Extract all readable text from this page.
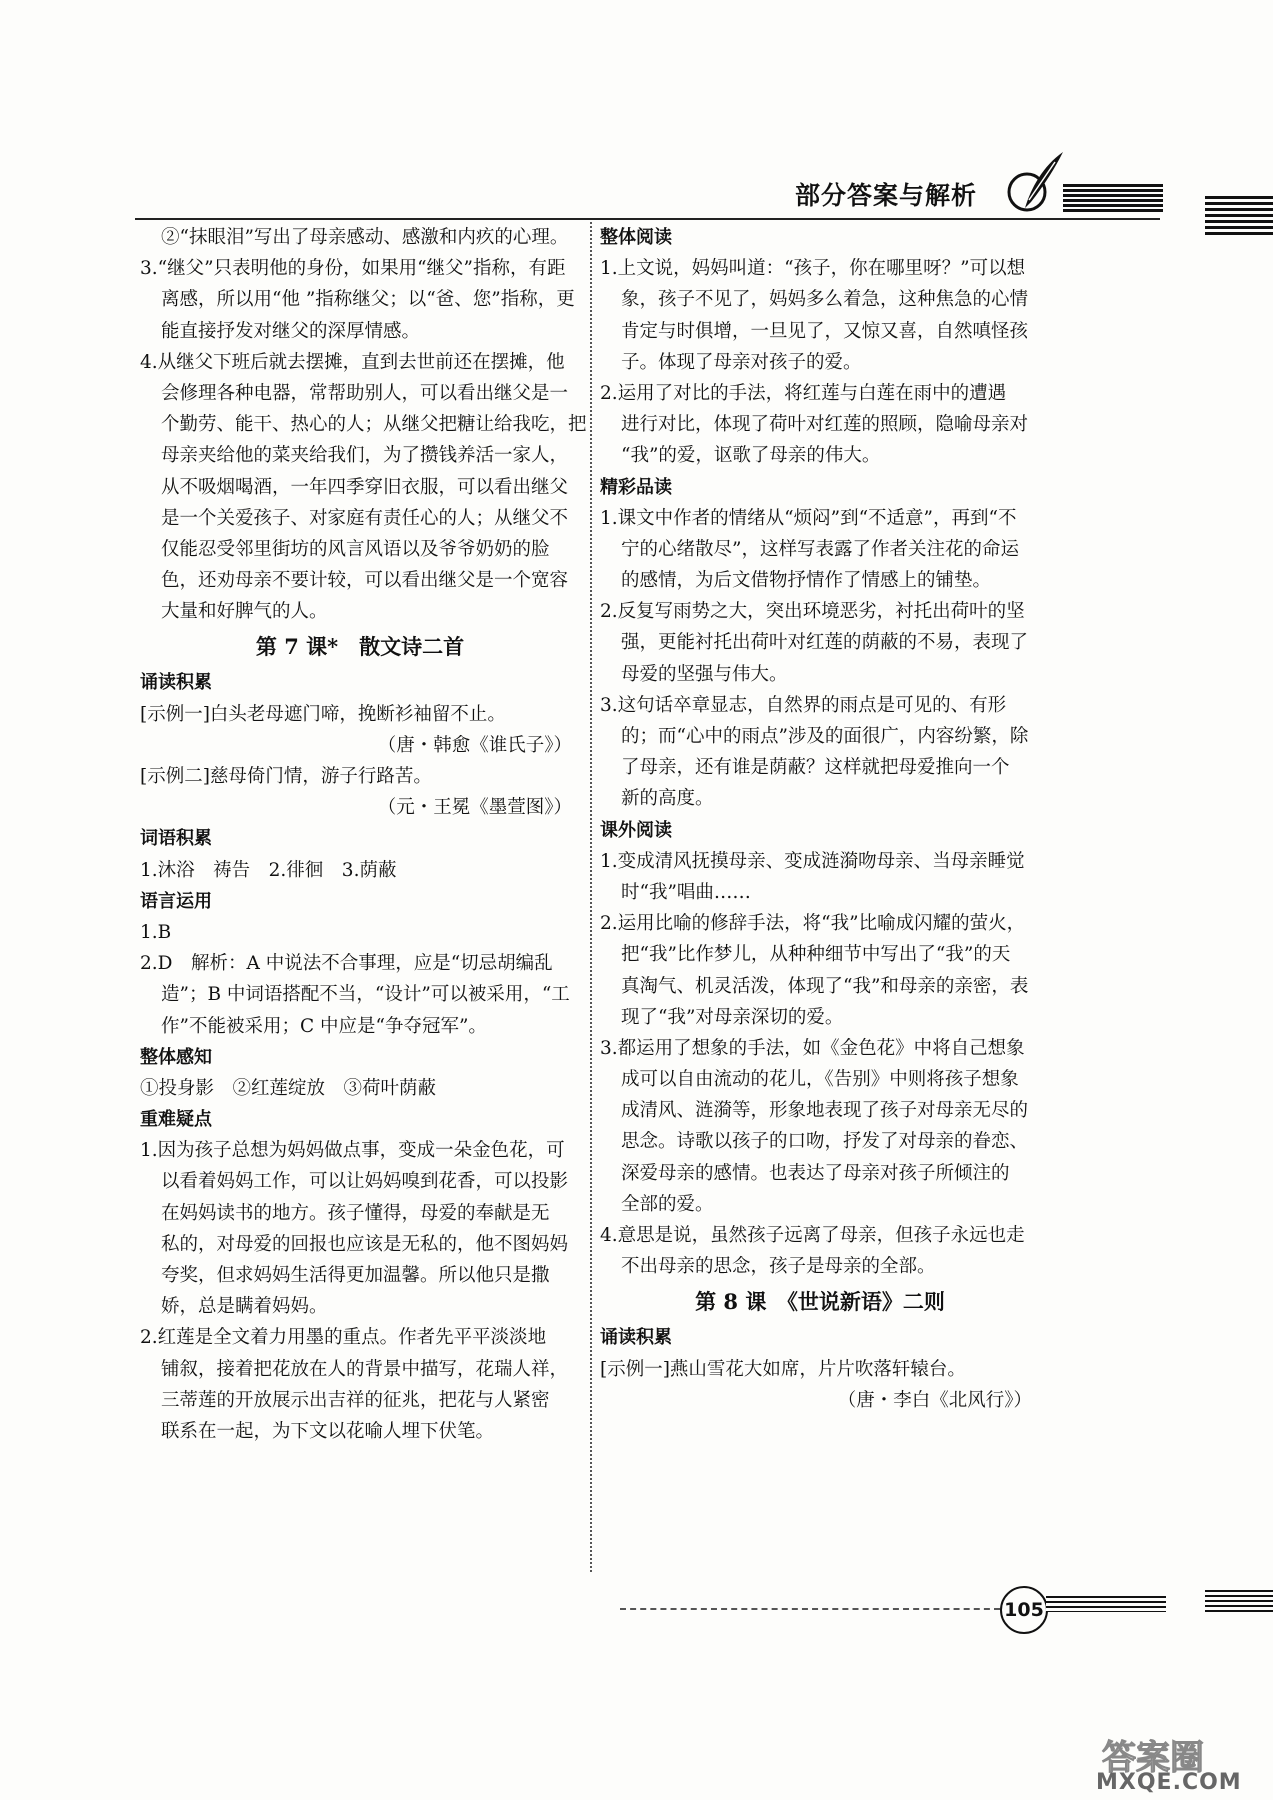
部分答案与解析
②“抹眼泪”写出了母亲感动、感激和内疚的心理。
3.“继父”只表明他的身份，如果用“继父”指称，有距
离感，所以用“他 ”指称继父；以“爸、您”指称，更
能直接抒发对继父的深厚情感。
4.从继父下班后就去摆摊，直到去世前还在摆摊，他
会修理各种电器，常帮助别人，可以看出继父是一
个勤劳、能干、热心的人；从继父把糖让给我吃，把
母亲夹给他的菜夹给我们，为了攒钱养活一家人，
从不吸烟喝酒，一年四季穿旧衣服，可以看出继父
是一个关爱孩子、对家庭有责任心的人；从继父不
仅能忍受邻里街坊的风言风语以及爷爷奶奶的脸
色，还劝母亲不要计较，可以看出继父是一个宽容
大量和好脾气的人。
第 7 课*　散文诗二首
诵读积累
[示例一]白头老母遮门啼，挽断衫袖留不止。
（唐・韩愈《谁氏子》）
[示例二]慈母倚门情，游子行路苦。
（元・王冕《墨萱图》）
词语积累
1.沐浴　祷告　2.徘徊　3.荫蔽
语言运用
1.B
2.D　解析：A 中说法不合事理，应是“切忌胡编乱
造”；B 中词语搭配不当，“设计”可以被采用，“工
作”不能被采用；C 中应是“争夺冠军”。
整体感知
①投身影　②红莲绽放　③荷叶荫蔽
重难疑点
1.因为孩子总想为妈妈做点事，变成一朵金色花，可
以看着妈妈工作，可以让妈妈嗅到花香，可以投影
在妈妈读书的地方。孩子懂得，母爱的奉献是无
私的，对母爱的回报也应该是无私的，他不图妈妈
夸奖，但求妈妈生活得更加温馨。所以他只是撒
娇，总是瞒着妈妈。
2.红莲是全文着力用墨的重点。作者先平平淡淡地
铺叙，接着把花放在人的背景中描写，花瑞人祥，
三蒂莲的开放展示出吉祥的征兆，把花与人紧密
联系在一起，为下文以花喻人埋下伏笔。
整体阅读
1.上文说，妈妈叫道：“孩子，你在哪里呀？”可以想
象，孩子不见了，妈妈多么着急，这种焦急的心情
肯定与时俱增，一旦见了，又惊又喜，自然嗔怪孩
子。体现了母亲对孩子的爱。
2.运用了对比的手法，将红莲与白莲在雨中的遭遇
进行对比，体现了荷叶对红莲的照顾，隐喻母亲对
“我”的爱，讴歌了母亲的伟大。
精彩品读
1.课文中作者的情绪从“烦闷”到“不适意”，再到“不
宁的心绪散尽”，这样写表露了作者关注花的命运
的感情，为后文借物抒情作了情感上的铺垫。
2.反复写雨势之大，突出环境恶劣，衬托出荷叶的坚
强，更能衬托出荷叶对红莲的荫蔽的不易，表现了
母爱的坚强与伟大。
3.这句话卒章显志，自然界的雨点是可见的、有形
的；而“心中的雨点”涉及的面很广，内容纷繁，除
了母亲，还有谁是荫蔽？这样就把母爱推向一个
新的高度。
课外阅读
1.变成清风抚摸母亲、变成涟漪吻母亲、当母亲睡觉
时“我”唱曲……
2.运用比喻的修辞手法，将“我”比喻成闪耀的萤火，
把“我”比作梦儿，从种种细节中写出了“我”的天
真淘气、机灵活泼，体现了“我”和母亲的亲密，表
现了“我”对母亲深切的爱。
3.都运用了想象的手法，如《金色花》中将自己想象
成可以自由流动的花儿，《告别》中则将孩子想象
成清风、涟漪等，形象地表现了孩子对母亲无尽的
思念。诗歌以孩子的口吻，抒发了对母亲的眷恋、
深爱母亲的感情。也表达了母亲对孩子所倾注的
全部的爱。
4.意思是说，虽然孩子远离了母亲，但孩子永远也走
不出母亲的思念，孩子是母亲的全部。
第 8 课　《世说新语》二则
诵读积累
[示例一]燕山雪花大如席，片片吹落轩辕台。
（唐・李白《北风行》）
105
答案圈
MXQE.COM
